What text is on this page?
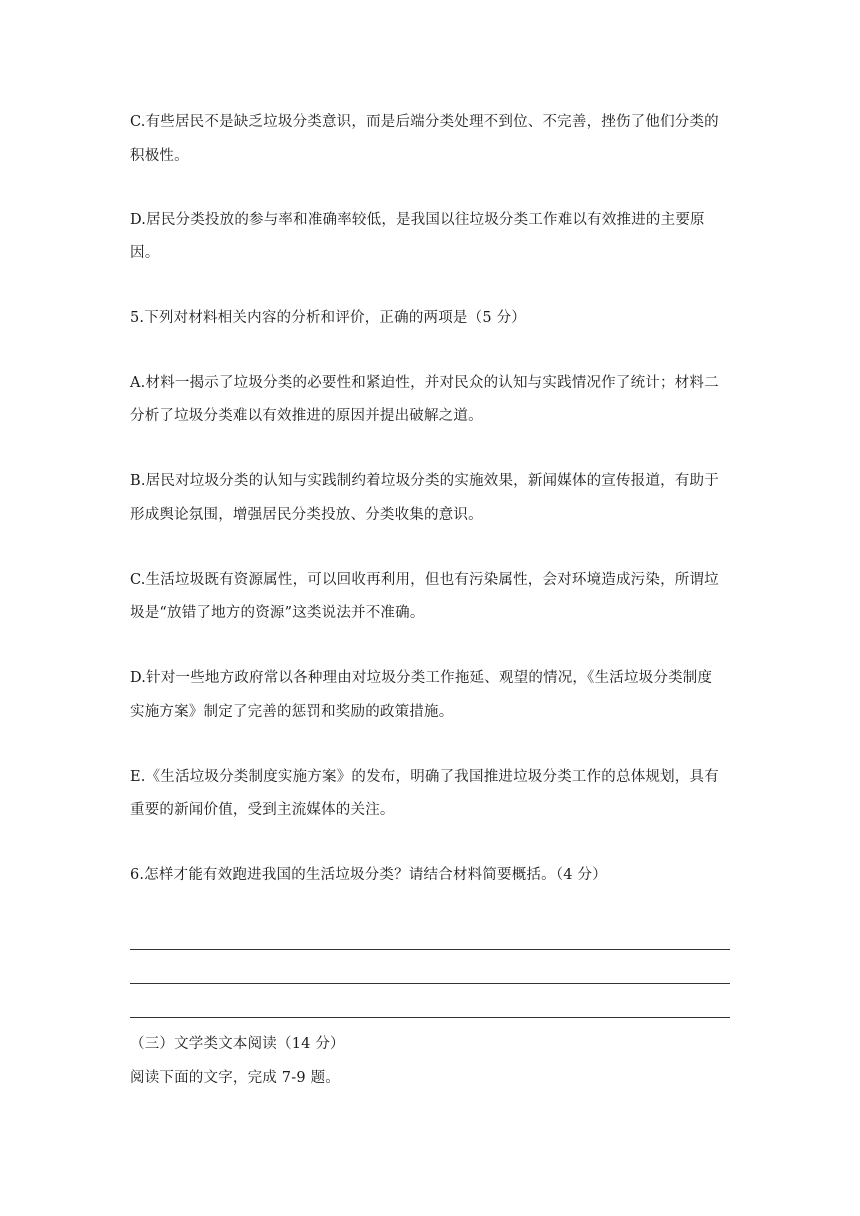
C.有些居民不是缺乏垃圾分类意识，而是后端分类处理不到位、不完善，挫伤了他们分类的
积极性。
D.居民分类投放的参与率和准确率较低，是我国以往垃圾分类工作难以有效推进的主要原
因。
5.下列对材料相关内容的分析和评价，正确的两项是（5 分）
A.材料一揭示了垃圾分类的必要性和紧迫性，并对民众的认知与实践情况作了统计；材料二
分析了垃圾分类难以有效推进的原因并提出破解之道。
B.居民对垃圾分类的认知与实践制约着垃圾分类的实施效果，新闻媒体的宣传报道，有助于
形成舆论氛围，增强居民分类投放、分类收集的意识。
C.生活垃圾既有资源属性，可以回收再利用，但也有污染属性，会对环境造成污染，所谓垃
圾是“放错了地方的资源”这类说法并不准确。
D.针对一些地方政府常以各种理由对垃圾分类工作拖延、观望的情况，《生活垃圾分类制度
实施方案》制定了完善的惩罚和奖励的政策措施。
E.《生活垃圾分类制度实施方案》的发布，明确了我国推进垃圾分类工作的总体规划，具有
重要的新闻价值，受到主流媒体的关注。
6.怎样才能有效跑进我国的生活垃圾分类？请结合材料简要概括。（4 分）
（三）文学类文本阅读（14 分）
阅读下面的文字，完成 7-9 题。
